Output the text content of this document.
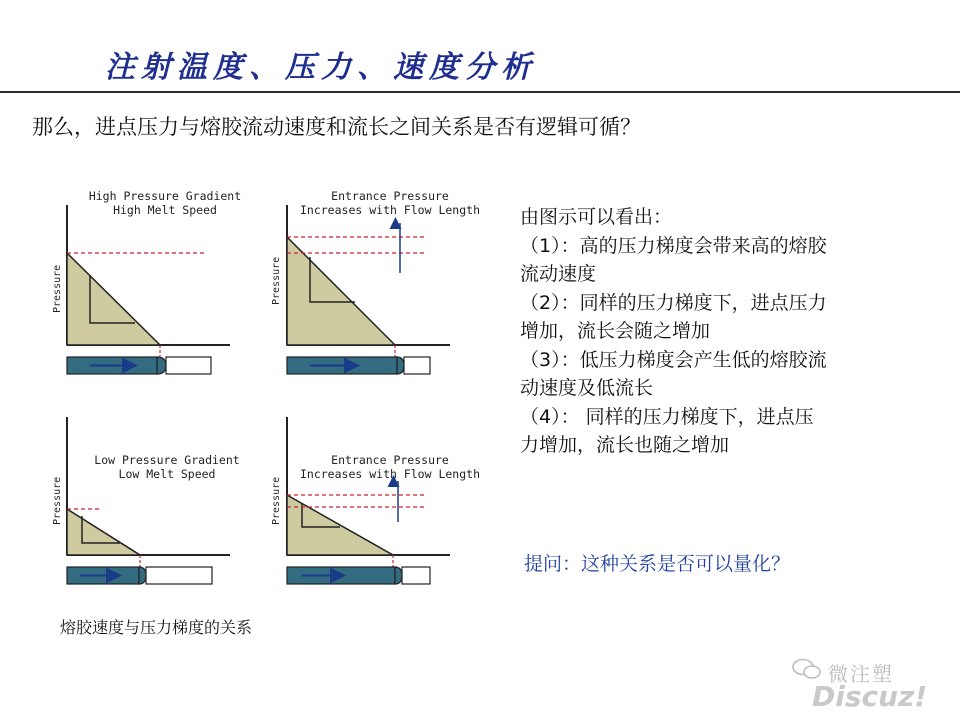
注射温度、压力、速度分析
那么，进点压力与熔胶流动速度和流长之间关系是否有逻辑可循？
High Pressure Gradient
High Melt Speed
Pressure
Entrance Pressure
Increases with Flow Length
Pressure
Low Pressure Gradient
Low Melt Speed
Pressure
Entrance Pressure
Increases with Flow Length
Pressure
熔胶速度与压力梯度的关系
由图示可以看出：
（1）：高的压力梯度会带来高的熔胶
流动速度
（2）：同样的压力梯度下，进点压力
增加，流长会随之增加
（3）：低压力梯度会产生低的熔胶流
动速度及低流长
（4）： 同样的压力梯度下，进点压
力增加，流长也随之增加
提问：这种关系是否可以量化？
微注塑
Discuz!
